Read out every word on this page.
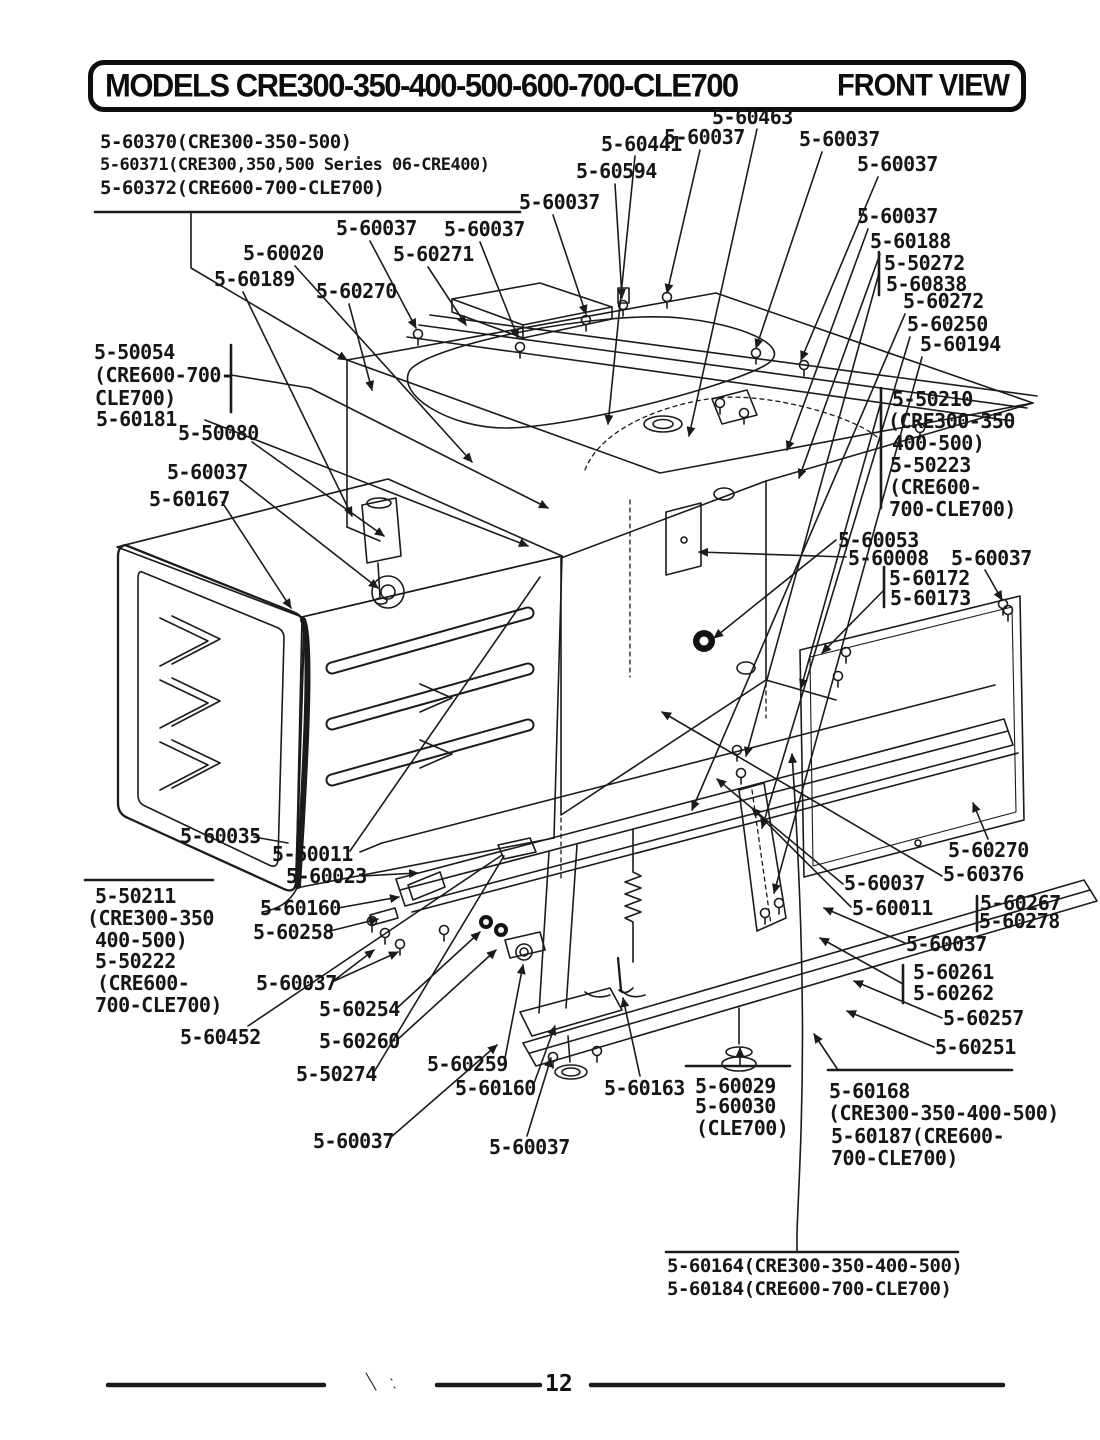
MODELS CRE300-350-400-500-600-700-CLE700	FRONT VIEW
5-60370(CRE300-350-500)
5-60371(CRE300,350,500 Series 06-CRE400)
5-60372(CRE600-700-CLE700)
5-60463
5-60441
5-60037	5-60037
5-60037
5-60594
5-60037
5-60037 5-60037
5-60271
5-60020
5-60189 5-60270
5-60037
5-60188
5-50272
5-60838
5-60272
5-60250
5-60194
5-50210
(CRE300-350
400-500)
5-50223
(CRE600-
700-CLE700)
5-50054
(CRE600-700-
CLE700)
5-60181
5-50080
5-60037
5-60167
5-60053
5-60008 5-60037
5-60172
5-60173
5-60035
5-60011
5-60023
5-50211
(CRE300-350
400-500)
5-50222
(CRE600-
700-CLE700)
5-60160
5-60258
5-60037
5-60254
5-60260
5-60452
5-50274	5-60259
5-60160	5-60163
5-60037	5-60037
5-60029
5-60030
(CLE700)
5-60168
(CRE300-350-400-500)
5-60187(CRE600-
700-CLE700)
5-60270
5-60376
5-60037
5-60011 5-60267
5-60278
5-60037
5-60261
5-60262
5-60257
5-60251
5-60164(CRE300-350-400-500)
5-60184(CRE600-700-CLE700)
12
